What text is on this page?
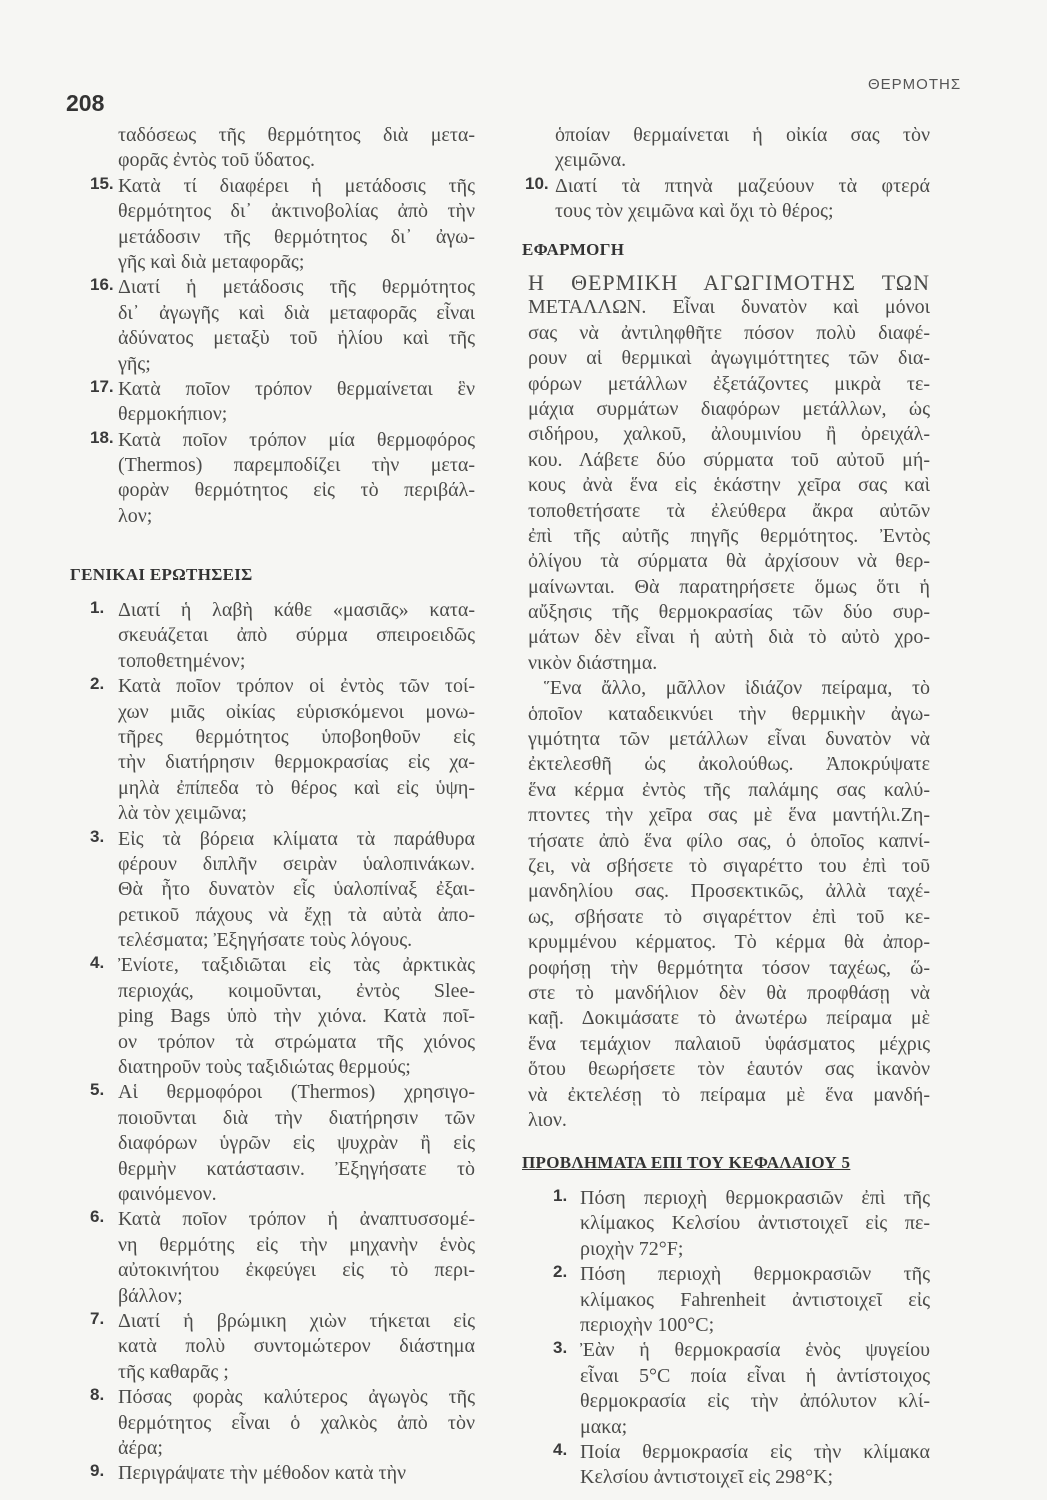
208
ΘΕΡΜΟΤΗΣ
ταδόσεως τῆς θερμότητος διὰ μετα-
φορᾶς ἐντὸς τοῦ ὕδατος.
15. Κατὰ τί διαφέρει ἡ μετάδοσις τῆς
θερμότητος δι᾽ ἀκτινοβολίας ἀπὸ τὴν
μετάδοσιν τῆς θερμότητος δι᾽ ἀγω-
γῆς καὶ διὰ μεταφορᾶς;
16. Διατί ἡ μετάδοσις τῆς θερμότητος
δι᾽ ἀγωγῆς καὶ διὰ μεταφορᾶς εἶναι
ἀδύνατος μεταξὺ τοῦ ἡλίου καὶ τῆς
γῆς;
17. Κατὰ ποῖον τρόπον θερμαίνεται ἓν
θερμοκήπιον;
18. Κατὰ ποῖον τρόπον μία θερμοφόρος
(Thermos) παρεμποδίζει τὴν μετα-
φορὰν θερμότητος εἰς τὸ περιβάλ-
λον;
ΓΕΝΙΚΑΙ ΕΡΩΤΗΣΕΙΣ
1. Διατί ἡ λαβὴ κάθε «μασιᾶς» κατα-
σκευάζεται ἀπὸ σύρμα σπειροειδῶς
τοποθετημένον;
2. Κατὰ ποῖον τρόπον οἱ ἐντὸς τῶν τοί-
χων μιᾶς οἰκίας εὑρισκόμενοι μονω-
τῆρες θερμότητος ὑποβοηθοῦν εἰς
τὴν διατήρησιν θερμοκρασίας εἰς χα-
μηλὰ ἐπίπεδα τὸ θέρος καὶ εἰς ὑψη-
λὰ τὸν χειμῶνα;
3. Εἰς τὰ βόρεια κλίματα τὰ παράθυρα
φέρουν διπλῆν σειρὰν ὑαλοπινάκων.
Θὰ ἦτο δυνατὸν εἷς ὑαλοπίναξ ἐξαι-
ρετικοῦ πάχους νὰ ἔχῃ τὰ αὐτὰ ἀπο-
τελέσματα; Ἐξηγήσατε τοὺς λόγους.
4. Ἐνίοτε, ταξιδιῶται εἰς τὰς ἀρκτικὰς
περιοχάς, κοιμοῦνται, ἐντὸς Slee-
ping Bags ὑπὸ τὴν χιόνα. Κατὰ ποῖ-
ον τρόπον τὰ στρώματα τῆς χιόνος
διατηροῦν τοὺς ταξιδιώτας θερμούς;
5. Αἱ θερμοφόροι (Thermos) χρησιγο-
ποιοῦνται διὰ τὴν διατήρησιν τῶν
διαφόρων ὑγρῶν εἰς ψυχρὰν ἢ εἰς
θερμὴν κατάστασιν. Ἐξηγήσατε τὸ
φαινόμενον.
6. Κατὰ ποῖον τρόπον ἡ ἀναπτυσσομέ-
νη θερμότης εἰς τὴν μηχανὴν ἑνὸς
αὐτοκινήτου ἐκφεύγει εἰς τὸ περι-
βάλλον;
7. Διατί ἡ βρώμικη χιὼν τήκεται εἰς
κατὰ πολὺ συντομώτερον διάστημα
τῆς καθαρᾶς ;
8. Πόσας φορὰς καλύτερος ἀγωγὸς τῆς
θερμότητος εἶναι ὁ χαλκὸς ἀπὸ τὸν
ἀέρα;
9. Περιγράψατε τὴν μέθοδον κατὰ τὴν
ὁποίαν θερμαίνεται ἡ οἰκία σας τὸν
χειμῶνα.
10. Διατί τὰ πτηνὰ μαζεύουν τὰ φτερά
τους τὸν χειμῶνα καὶ ὄχι τὸ θέρος;
ΕΦΑΡΜΟΓΗ
Η ΘΕΡΜΙΚΗ ΑΓΩΓΙΜΟΤΗΣ ΤΩΝ
ΜΕΤΑΛΛΩΝ. Εἶναι δυνατὸν καὶ μόνοι
σας νὰ ἀντιληφθῆτε πόσον πολὺ διαφέ-
ρουν αἱ θερμικαὶ ἀγωγιμόττητες τῶν δια-
φόρων μετάλλων ἐξετάζοντες μικρὰ τε-
μάχια συρμάτων διαφόρων μετάλλων, ὡς
σιδήρου, χαλκοῦ, ἀλουμινίου ἢ ὀρειχάλ-
κου. Λάβετε δύο σύρματα τοῦ αὐτοῦ μή-
κους ἀνὰ ἕνα εἰς ἑκάστην χεῖρα σας καὶ
τοποθετήσατε τὰ ἐλεύθερα ἄκρα αὐτῶν
ἐπὶ τῆς αὐτῆς πηγῆς θερμότητος. Ἐντὸς
ὀλίγου τὰ σύρματα θὰ ἀρχίσουν νὰ θερ-
μαίνωνται. Θὰ παρατηρήσετε ὅμως ὅτι ἡ
αὔξησις τῆς θερμοκρασίας τῶν δύο συρ-
μάτων δὲν εἶναι ἡ αὐτὴ διὰ τὸ αὐτὸ χρο-
νικὸν διάστημα.
Ἕνα ἄλλο, μᾶλλον ἰδιάζον πείραμα, τὸ
ὁποῖον καταδεικνύει τὴν θερμικὴν ἀγω-
γιμότητα τῶν μετάλλων εἶναι δυνατὸν νὰ
ἐκτελεσθῆ ὡς ἀκολούθως. Ἀποκρύψατε
ἕνα κέρμα ἐντὸς τῆς παλάμης σας καλύ-
πτοντες τὴν χεῖρα σας μὲ ἕνα μαντήλι.Ζη-
τήσατε ἀπὸ ἕνα φίλο σας, ὁ ὁποῖος καπνί-
ζει, νὰ σβήσετε τὸ σιγαρέττο του ἐπὶ τοῦ
μανδηλίου σας. Προσεκτικῶς, ἀλλὰ ταχέ-
ως, σβήσατε τὸ σιγαρέττον ἐπὶ τοῦ κε-
κρυμμένου κέρματος. Τὸ κέρμα θὰ ἀπορ-
ροφήσῃ τὴν θερμότητα τόσον ταχέως, ὥ-
στε τὸ μανδήλιον δὲν θὰ προφθάσῃ νὰ
καῇ. Δοκιμάσατε τὸ ἀνωτέρω πείραμα μὲ
ἕνα τεμάχιον παλαιοῦ ὑφάσματος μέχρις
ὅτου θεωρήσετε τὸν ἑαυτόν σας ἱκανὸν
νὰ ἐκτελέσῃ τὸ πείραμα μὲ ἕνα μανδή-
λιον.
ΠΡΟΒΛΗΜΑΤΑ ΕΠΙ ΤΟΥ ΚΕΦΑΛΑΙΟΥ 5
1. Πόση περιοχὴ θερμοκρασιῶν ἐπὶ τῆς
κλίμακος Κελσίου ἀντιστοιχεῖ εἰς πε-
ριοχὴν 72°F;
2. Πόση περιοχὴ θερμοκρασιῶν τῆς
κλίμακος Fahrenheit ἀντιστοιχεῖ εἰς
περιοχὴν 100°C;
3. Ἐὰν ἡ θερμοκρασία ἑνὸς ψυγείου
εἶναι 5°C ποία εἶναι ἡ ἀντίστοιχος
θερμοκρασία εἰς τὴν ἀπόλυτον κλί-
μακα;
4. Ποία θερμοκρασία εἰς τὴν κλίμακα
Κελσίου ἀντιστοιχεῖ εἰς 298°K;
